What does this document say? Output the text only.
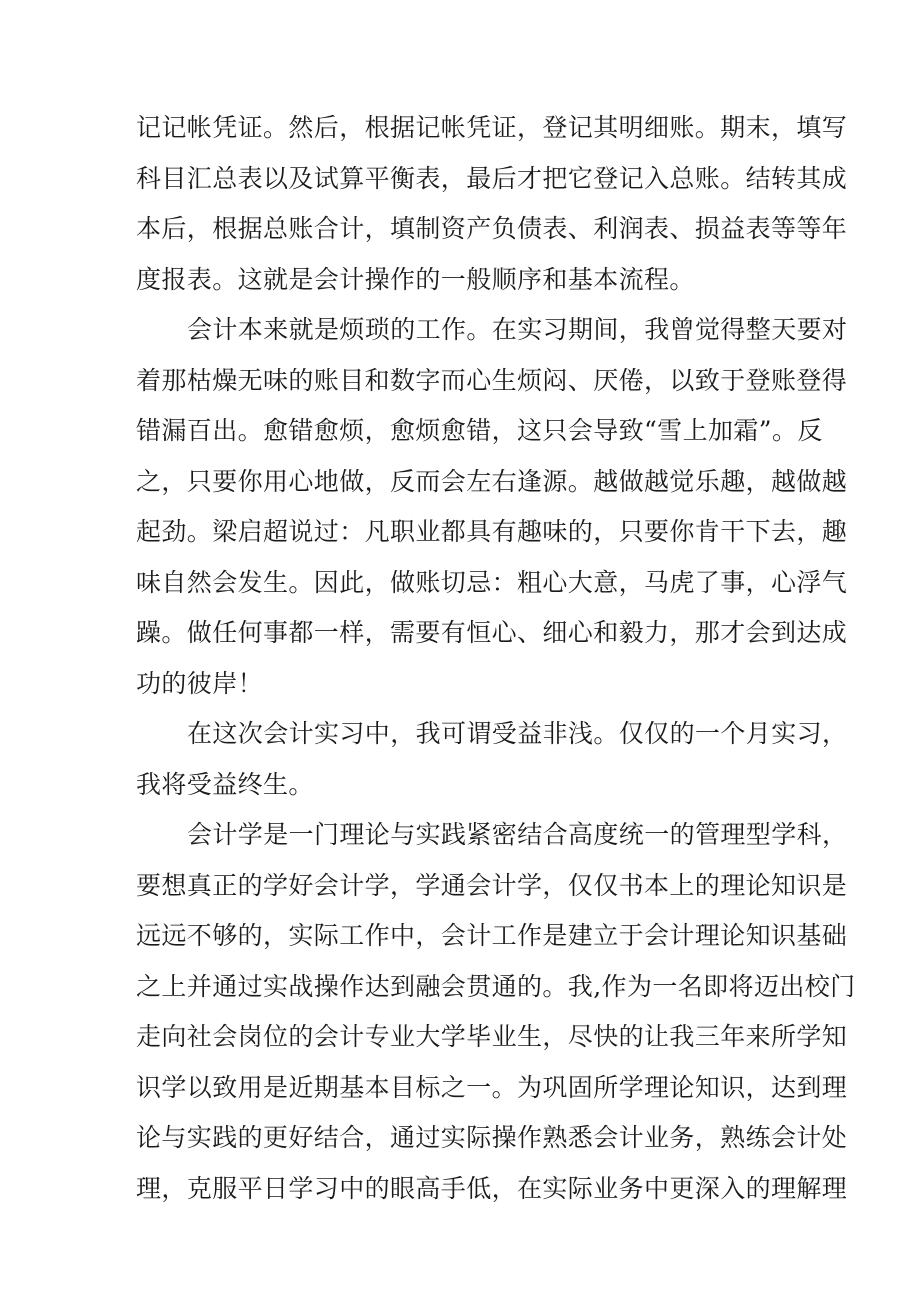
记记帐凭证。然后，根据记帐凭证，登记其明细账。期末，填写
科目汇总表以及试算平衡表，最后才把它登记入总账。结转其成
本后，根据总账合计，填制资产负债表、利润表、损益表等等年
度报表。这就是会计操作的一般顺序和基本流程。
会计本来就是烦琐的工作。在实习期间，我曾觉得整天要对
着那枯燥无味的账目和数字而心生烦闷、厌倦，以致于登账登得
错漏百出。愈错愈烦，愈烦愈错，这只会导致“雪上加霜”。反
之，只要你用心地做，反而会左右逢源。越做越觉乐趣，越做越
起劲。梁启超说过：凡职业都具有趣味的，只要你肯干下去，趣
味自然会发生。因此，做账切忌：粗心大意，马虎了事，心浮气
躁。做任何事都一样，需要有恒心、细心和毅力，那才会到达成
功的彼岸！
在这次会计实习中，我可谓受益非浅。仅仅的一个月实习，
我将受益终生。
会计学是一门理论与实践紧密结合高度统一的管理型学科，
要想真正的学好会计学，学通会计学，仅仅书本上的理论知识是
远远不够的，实际工作中，会计工作是建立于会计理论知识基础
之上并通过实战操作达到融会贯通的。我,作为一名即将迈出校门
走向社会岗位的会计专业大学毕业生，尽快的让我三年来所学知
识学以致用是近期基本目标之一。为巩固所学理论知识，达到理
论与实践的更好结合，通过实际操作熟悉会计业务，熟练会计处
理，克服平日学习中的眼高手低，在实际业务中更深入的理解理
